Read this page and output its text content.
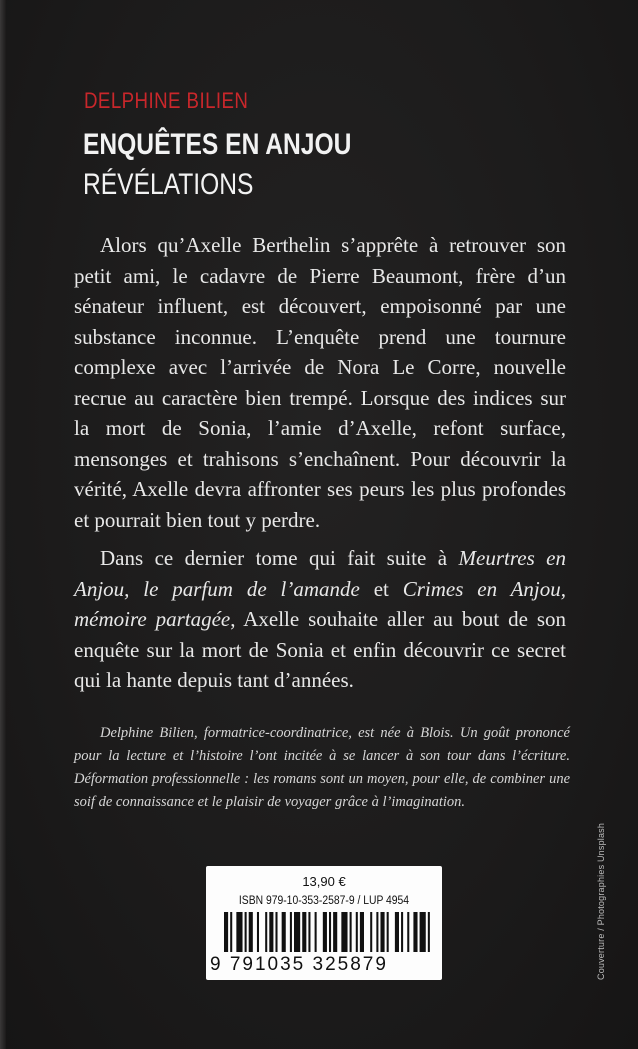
DELPHINE BILIEN
ENQUÊTES EN ANJOU
RÉVÉLATIONS

Alors qu’Axelle Berthelin s’apprête à retrouver son petit ami, le cadavre de Pierre Beaumont, frère d’un sénateur influent, est découvert, empoisonné par une substance inconnue. L’enquête prend une tournure complexe avec l’arrivée de Nora Le Corre, nouvelle recrue au caractère bien trempé. Lorsque des indices sur la mort de Sonia, l’amie d’Axelle, refont surface, mensonges et trahisons s’enchaînent. Pour découvrir la vérité, Axelle devra affronter ses peurs les plus profondes et pourrait bien tout y perdre.

Dans ce dernier tome qui fait suite à Meurtres en Anjou, le parfum de l’amande et Crimes en Anjou, mémoire partagée, Axelle souhaite aller au bout de son enquête sur la mort de Sonia et enfin découvrir ce secret qui la hante depuis tant d’années.

Delphine Bilien, formatrice-coordinatrice, est née à Blois. Un goût prononcé pour la lecture et l’histoire l’ont incitée à se lancer à son tour dans l’écriture. Déformation professionnelle : les romans sont un moyen, pour elle, de combiner une soif de connaissance et le plaisir de voyager grâce à l’imagination.
Couverture / Photographies Unsplash
13,90 €
ISBN 979-10-353-2587-9 / LUP 4954
9 791035 325879
